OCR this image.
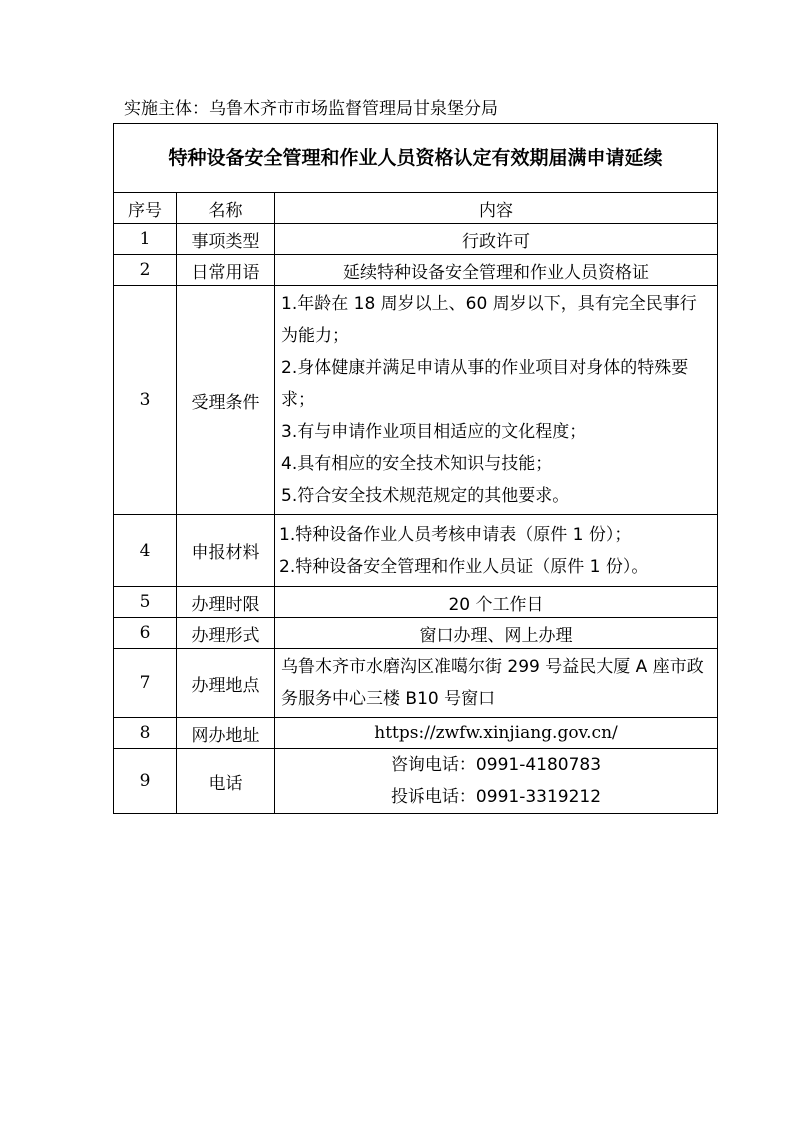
实施主体：乌鲁木齐市市场监督管理局甘泉堡分局
特种设备安全管理和作业人员资格认定有效期届满申请延续		
序号	名称	内容
1	事项类型	行政许可
2	日常用语	延续特种设备安全管理和作业人员资格证
3	受理条件	1.年龄在 18 周岁以上、60 周岁以下，具有完全民事行为能力；
2.身体健康并满足申请从事的作业项目对身体的特殊要求；
3.有与申请作业项目相适应的文化程度；
4.具有相应的安全技术知识与技能；
5.符合安全技术规范规定的其他要求。

4	申报材料	1.特种设备作业人员考核申请表（原件 1 份）；
2.特种设备安全管理和作业人员证（原件 1 份）。

5	办理时限	20 个工作日
6	办理形式	窗口办理、网上办理
7	办理地点	乌鲁木齐市水磨沟区准噶尔街 299 号益民大厦 A 座市政务服务中心三楼 B10 号窗口
8	网办地址	https://zwfw.xinjiang.gov.cn/
9	电话	咨询电话：0991-4180783
投诉电话：0991-3319212
